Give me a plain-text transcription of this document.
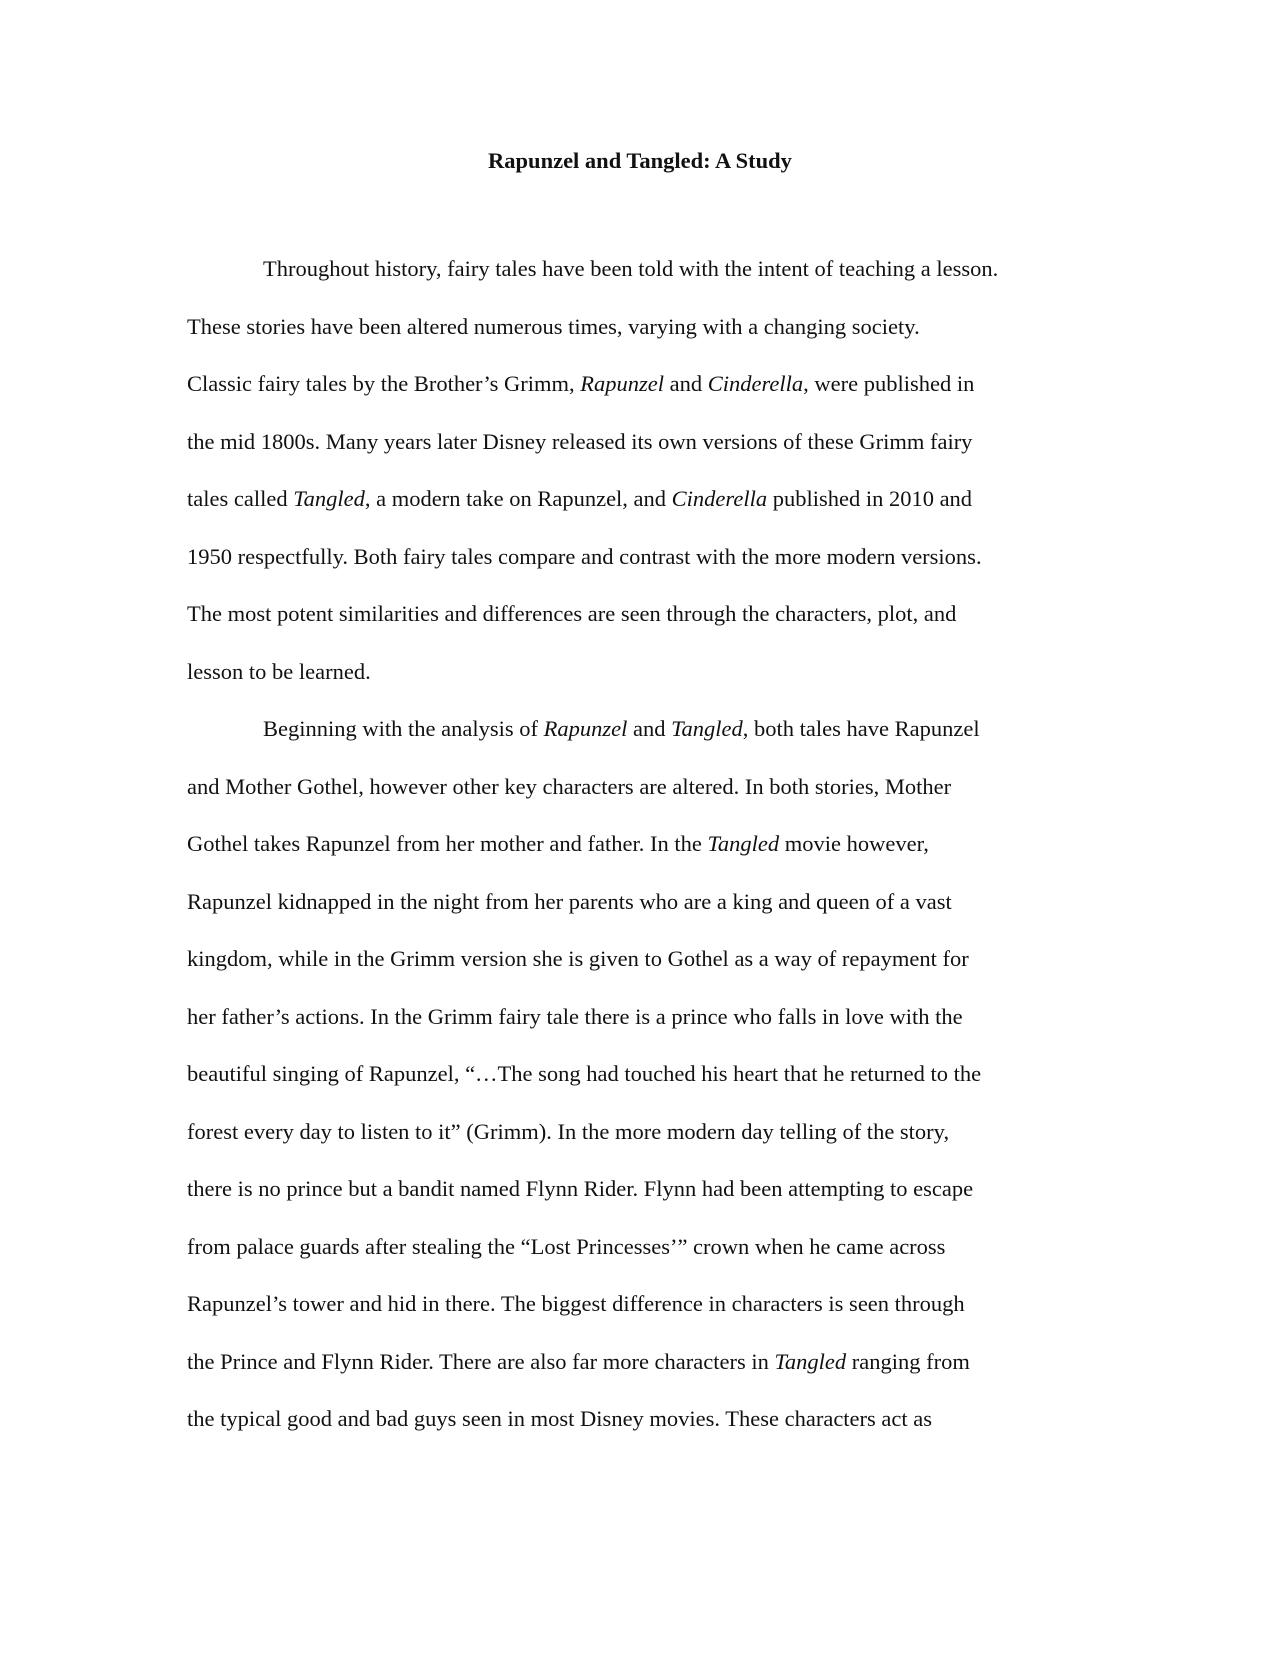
Rapunzel and Tangled: A Study
Throughout history, fairy tales have been told with the intent of teaching a lesson.
These stories have been altered numerous times, varying with a changing society.
Classic fairy tales by the Brother’s Grimm, Rapunzel and Cinderella, were published in
the mid 1800s. Many years later Disney released its own versions of these Grimm fairy
tales called Tangled, a modern take on Rapunzel, and Cinderella published in 2010 and
1950 respectfully. Both fairy tales compare and contrast with the more modern versions.
The most potent similarities and differences are seen through the characters, plot, and
lesson to be learned.
Beginning with the analysis of Rapunzel and Tangled, both tales have Rapunzel
and Mother Gothel, however other key characters are altered. In both stories, Mother
Gothel takes Rapunzel from her mother and father. In the Tangled movie however,
Rapunzel kidnapped in the night from her parents who are a king and queen of a vast
kingdom, while in the Grimm version she is given to Gothel as a way of repayment for
her father’s actions. In the Grimm fairy tale there is a prince who falls in love with the
beautiful singing of Rapunzel, “…The song had touched his heart that he returned to the
forest every day to listen to it” (Grimm). In the more modern day telling of the story,
there is no prince but a bandit named Flynn Rider. Flynn had been attempting to escape
from palace guards after stealing the “Lost Princesses’” crown when he came across
Rapunzel’s tower and hid in there. The biggest difference in characters is seen through
the Prince and Flynn Rider. There are also far more characters in Tangled ranging from
the typical good and bad guys seen in most Disney movies. These characters act as
